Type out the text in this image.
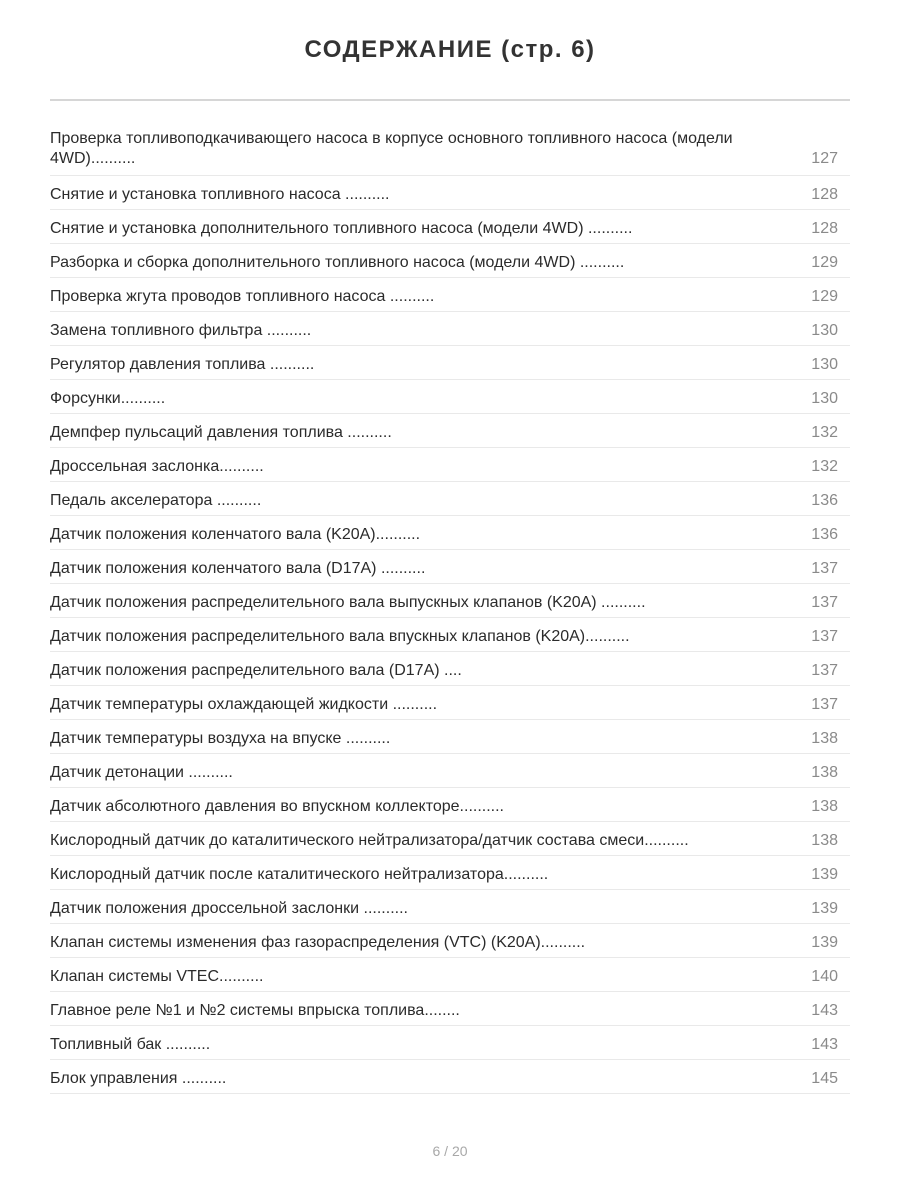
СОДЕРЖАНИЕ (стр. 6)
Проверка топливоподкачивающего насоса в корпусе основного топливного насоса (модели 4WD)..........	127
Снятие и установка топливного насоса ..........	128
Снятие и установка дополнительного топливного насоса (модели 4WD) ..........	128
Разборка и сборка дополнительного топливного насоса (модели 4WD) ..........	129
Проверка жгута проводов топливного насоса ..........	129
Замена топливного фильтра ..........	130
Регулятор давления топлива ..........	130
Форсунки..........	130
Демпфер пульсаций давления топлива ..........	132
Дроссельная заслонка..........	132
Педаль акселератора ..........	136
Датчик положения коленчатого вала (K20A)..........	136
Датчик положения коленчатого вала (D17A) ..........	137
Датчик положения распределительного вала выпускных клапанов (K20A) ..........	137
Датчик положения распределительного вала впускных клапанов (K20A)..........	137
Датчик положения распределительного вала (D17A) ....	137
Датчик температуры охлаждающей жидкости ..........	137
Датчик температуры воздуха на впуске ..........	138
Датчик детонации ..........	138
Датчик абсолютного давления во впускном коллекторе..........	138
Кислородный датчик до каталитического нейтрализатора/датчик состава смеси..........	138
Кислородный датчик после каталитического нейтрализатора..........	139
Датчик положения дроссельной заслонки ..........	139
Клапан системы изменения фаз газораспределения (VTC) (K20A)..........	139
Клапан системы VTEC..........	140
Главное реле №1 и №2 системы впрыска топлива........	143
Топливный бак ..........	143
Блок управления ..........	145
6 / 20
